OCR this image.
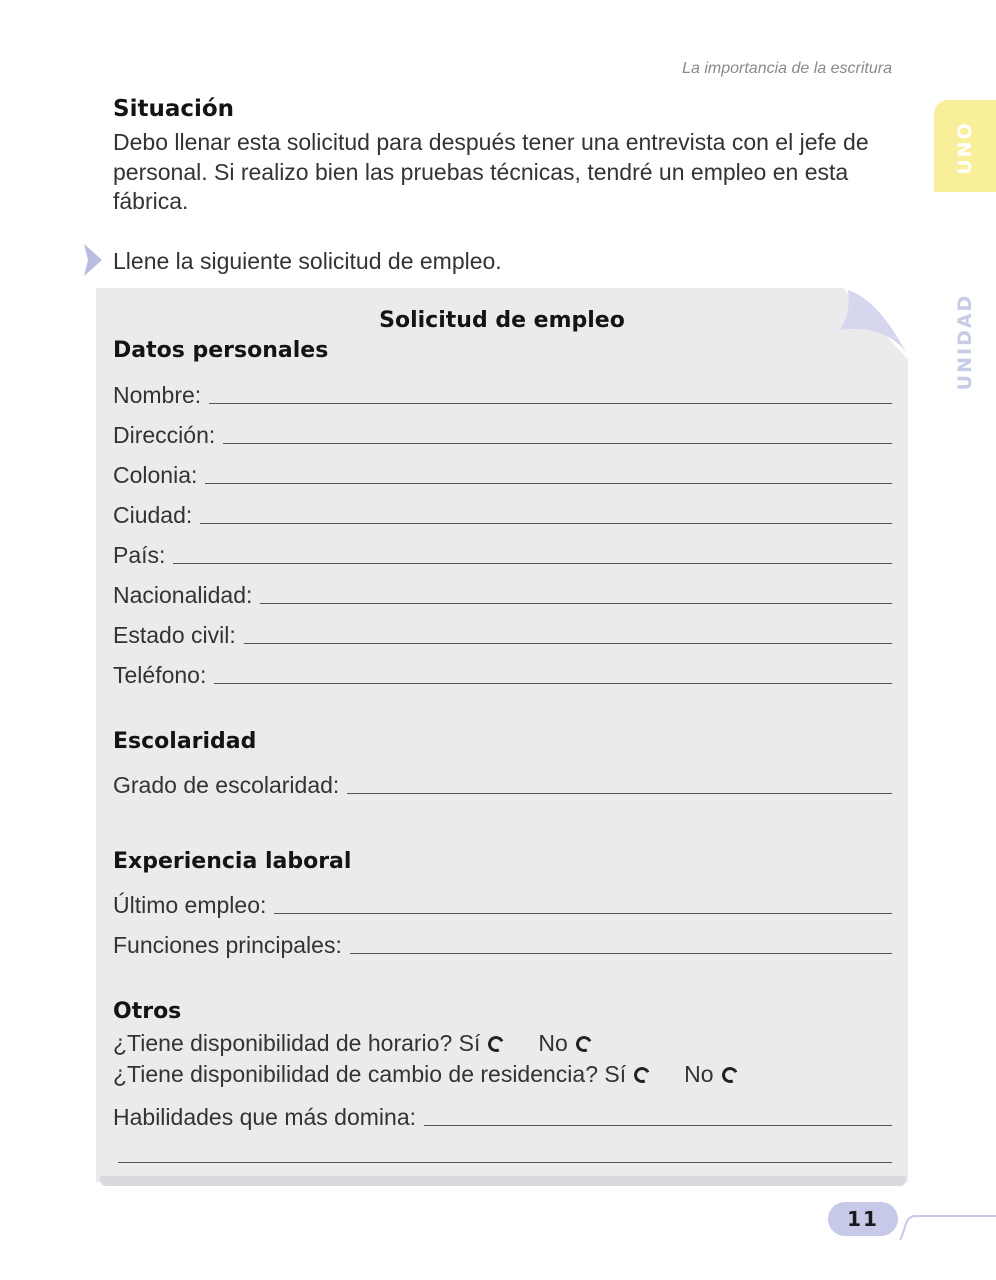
La importancia de la escritura
UNO
UNIDAD
Situación
Debo llenar esta solicitud para después tener una entrevista con el jefe de personal. Si realizo bien las pruebas técnicas, tendré un empleo en esta fábrica.
Llene la siguiente solicitud de empleo.
Solicitud de empleo
Datos personales
Nombre:
Dirección:
Colonia:
Ciudad:
País:
Nacionalidad:
Estado civil:
Teléfono:
Escolaridad
Grado de escolaridad:
Experiencia laboral
Último empleo:
Funciones principales:
Otros
¿Tiene disponibilidad de horario?
Sí	No
¿Tiene disponibilidad de cambio de residencia?
Sí	No
Habilidades que más domina:
11
